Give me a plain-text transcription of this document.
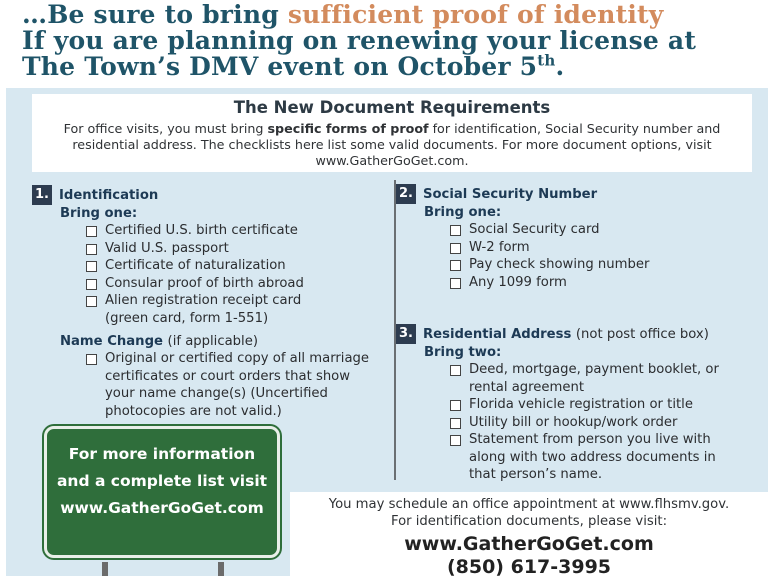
…Be sure to bring sufficient proof of identity
If you are planning on renewing your license at
The Town’s DMV event on October 5th.
The New Document Requirements
For office visits, you must bring specific forms of proof for identification, Social Security number and residential address. The checklists here list some valid documents. For more document options, visit www.GatherGoGet.com.
1. Identification
Bring one:
Certified U.S. birth certificate
Valid U.S. passport
Certificate of naturalization
Consular proof of birth abroad
Alien registration receipt card (green card, form 1-551)
Name Change (if applicable)
Original or certified copy of all marriage certificates or court orders that show your name change(s) (Uncertified photocopies are not valid.)
2. Social Security Number
Bring one:
Social Security card
W-2 form
Pay check showing number
Any 1099 form
3. Residential Address
(not post office box)
Bring two:
Deed, mortgage, payment booklet, or rental agreement
Florida vehicle registration or title
Utility bill or hookup/work order
Statement from person you live with along with two address documents in that person’s name.
You may schedule an office appointment at www.flhsmv.gov.
For identification documents, please visit:
www.GatherGoGet.com
(850) 617-3995
For more information
and a complete list visit
www.GatherGoGet.com
